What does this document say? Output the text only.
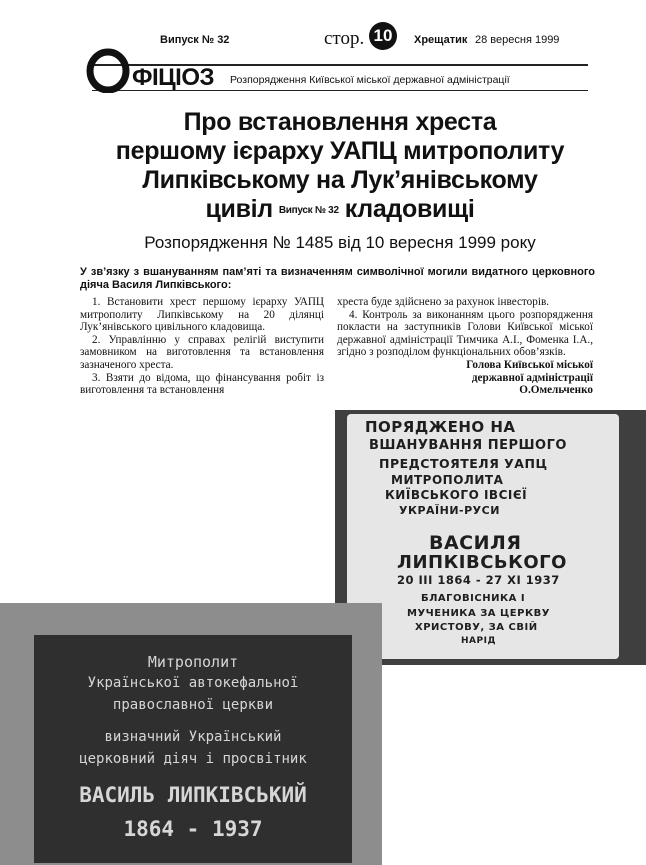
Випуск № 32	стор. 10	Хрещатик 28 вересня 1999
ФІЦІОЗ Розпорядження Київської міської державної адміністрації
Про встановлення хреста
першому ієрарху УАПЦ митрополиту
Липківському на Лук’янівському
цивіл Випуск № 32 кладовищі
Розпорядження № 1485 від 10 вересня 1999 року
У зв’язку з вшануванням пам’яті та визначенням символічної могили видатного церковного діяча Василя Липківського:

1. Встановити хрест першому ієрарху УАПЦ митрополиту Липківському на 20 ділянці Лук’янівського цивільного кладовища.

2. Управлінню у справах релігій виступити замовником на виготовлення та встановлення зазначеного хреста.

3. Взяти до відома, що фінансування робіт із виготовлення та встановлення

хреста буде здійснено за рахунок інвесторів.

4. Контроль за виконанням цього розпорядження покласти на заступників Голови Київської міської державної адміністрації Тимчика А.І., Фоменка І.А., згідно з розподілом функціональних обов’язків.

Голова Київської міської
державної адміністрації
О.Омельченко
ПОРЯДЖЕНО НА
ВШАНУВАННЯ ПЕРШОГО
ПРЕДСТОЯТЕЛЯ УАПЦ
МИТРОПОЛИТА
КИЇВСЬКОГО ІВСІЄЇ
УКРАЇНИ-РУСИ
ВАСИЛЯ
ЛИПКІВСЬКОГО
20 III 1864 - 27 XI 1937
БЛАГОВІСНИКА І
МУЧЕНИКА ЗА ЦЕРКВУ
ХРИСТОВУ, ЗА СВІЙ
НАРІД
Митрополит
Української автокефальної
православної церкви
визначний Український
церковний діяч і просвітник
ВАСИЛЬ ЛИПКІВСЬКИЙ
1864 - 1937
